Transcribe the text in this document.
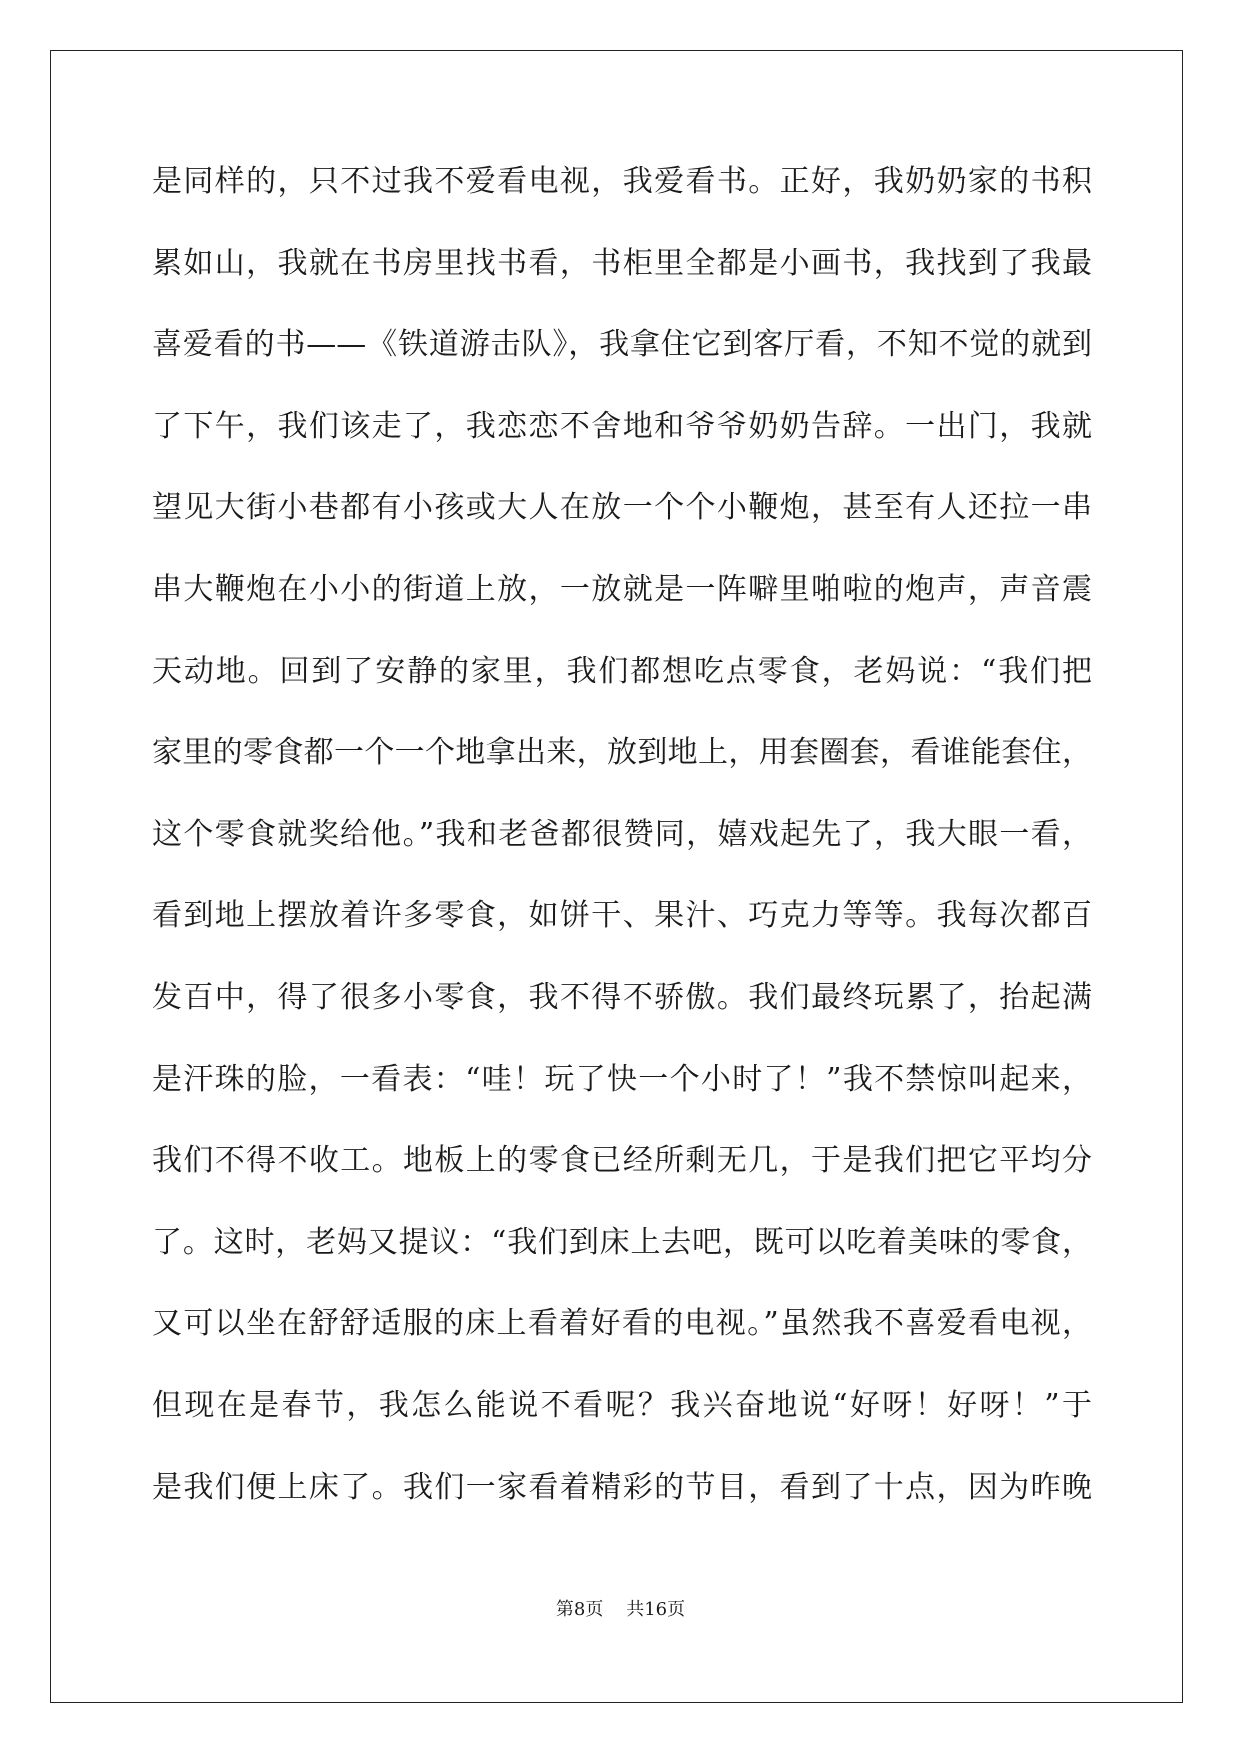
是同样的，只不过我不爱看电视，我爱看书。正好，我奶奶家的书积
累如山，我就在书房里找书看，书柜里全都是小画书，我找到了我最
喜爱看的书——《铁道游击队》，我拿住它到客厅看，不知不觉的就到
了下午，我们该走了，我恋恋不舍地和爷爷奶奶告辞。一出门，我就
望见大街小巷都有小孩或大人在放一个个小鞭炮，甚至有人还拉一串
串大鞭炮在小小的街道上放，一放就是一阵噼里啪啦的炮声，声音震
天动地。回到了安静的家里，我们都想吃点零食，老妈说：“我们把
家里的零食都一个一个地拿出来，放到地上，用套圈套，看谁能套住，
这个零食就奖给他。”我和老爸都很赞同，嬉戏起先了，我大眼一看，
看到地上摆放着许多零食，如饼干、果汁、巧克力等等。我每次都百
发百中，得了很多小零食，我不得不骄傲。我们最终玩累了，抬起满
是汗珠的脸，一看表：“哇！玩了快一个小时了！”我不禁惊叫起来，
我们不得不收工。地板上的零食已经所剩无几，于是我们把它平均分
了。这时，老妈又提议：“我们到床上去吧，既可以吃着美味的零食，
又可以坐在舒舒适服的床上看着好看的电视。”虽然我不喜爱看电视，
但现在是春节，我怎么能说不看呢？我兴奋地说“好呀！好呀！”于
是我们便上床了。我们一家看着精彩的节目，看到了十点，因为昨晚
第8页 共16页
